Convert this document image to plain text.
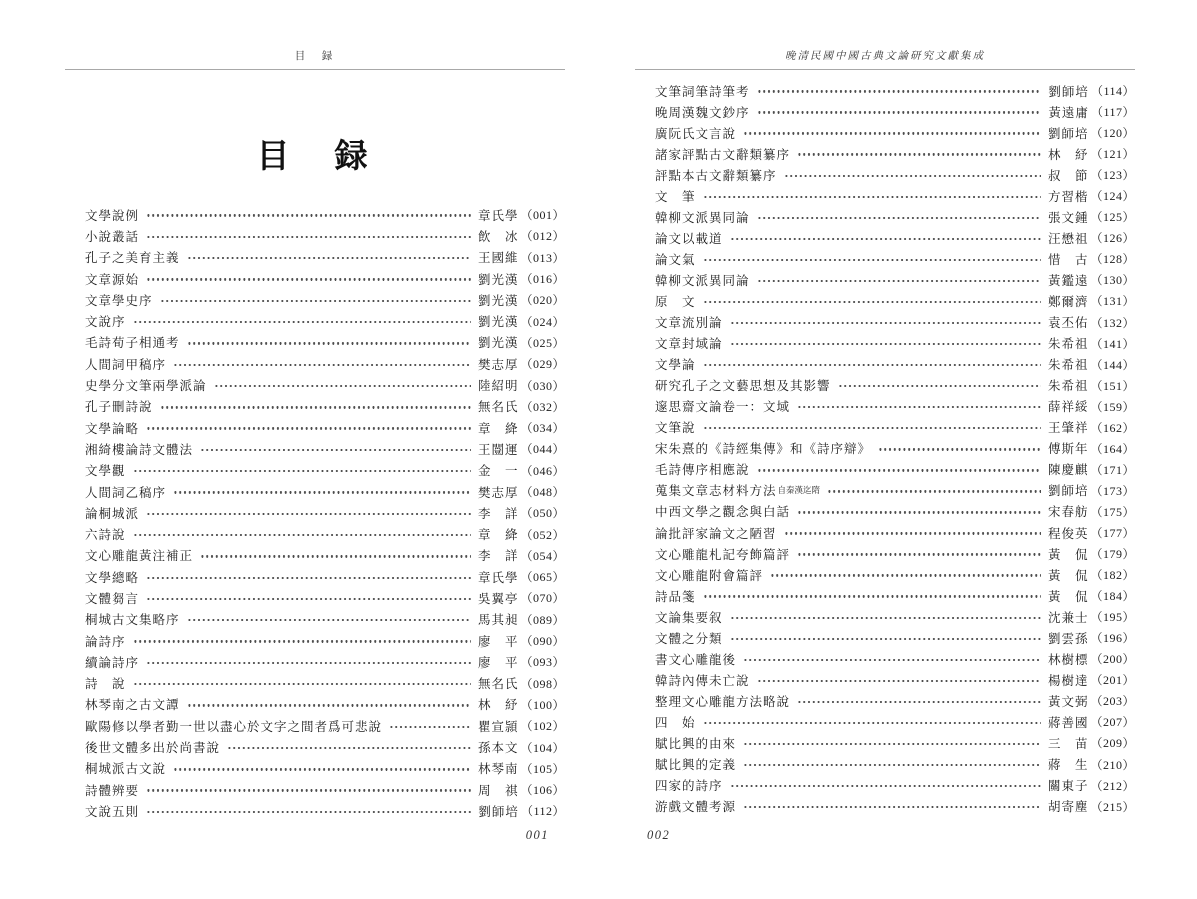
目　録
目　録
文學說例	章氏學 （001）
小說叢話	飲　冰 （012）
孔子之美育主義	王國維 （013）
文章源始	劉光漢 （016）
文章學史序	劉光漢 （020）
文說序	劉光漢 （024）
毛詩荀子相通考	劉光漢 （025）
人間詞甲稿序	樊志厚 （029）
史學分文筆兩學派論	陸紹明 （030）
孔子刪詩說	無名氏 （032）
文學論略	章　絳 （034）
湘綺樓論詩文體法	王闓運 （044）
文學觀	金　一 （046）
人間詞乙稿序	樊志厚 （048）
論桐城派	李　詳 （050）
六詩說	章　絳 （052）
文心雕龍黃注補正	李　詳 （054）
文學總略	章氏學 （065）
文體芻言	吳翼亭 （070）
桐城古文集略序	馬其昶 （089）
論詩序	廖　平 （090）
續論詩序	廖　平 （093）
詩　說	無名氏 （098）
林琴南之古文譚	林　紓 （100）
歐陽修以學者勤一世以盡心於文字之間者爲可悲說	瞿宣頴 （102）
後世文體多出於尚書說	孫本文 （104）
桐城派古文說	林琴南 （105）
詩體辨要	周　祺 （106）
文說五則	劉師培 （112）
001
晚清民國中國古典文論研究文獻集成
文筆詞筆詩筆考	劉師培 （114）
晚周漢魏文鈔序	黃遠庸 （117）
廣阮氏文言說	劉師培 （120）
諸家評點古文辭類纂序	林　紓 （121）
評點本古文辭類纂序	叔　節 （123）
文　筆	方習楷 （124）
韓柳文派異同論	張文鍾 （125）
論文以載道	汪懋祖 （126）
論文氣	惜　古 （128）
韓柳文派異同論	黃鑑遠 （130）
原　文	鄭爾濟 （131）
文章流別論	袁丕佑 （132）
文章封域論	朱希祖 （141）
文學論	朱希祖 （144）
研究孔子之文藝思想及其影響	朱希祖 （151）
邃思齋文論卷一：文域	薛祥綏 （159）
文筆說	王肇祥 （162）
宋朱熹的《詩經集傳》和《詩序辯》	傅斯年 （164）
毛詩傳序相應說	陳慶麒 （171）
蒐集文章志材料方法 自秦漢迄隋	劉師培 （173）
中西文學之觀念與白話	宋春舫 （175）
論批評家論文之陋習	程俊英 （177）
文心雕龍札記夸飾篇評	黃　侃 （179）
文心雕龍附會篇評	黃　侃 （182）
詩品箋	黃　侃 （184）
文論集要叙	沈兼士 （195）
文體之分類	劉雲孫 （196）
書文心雕龍後	林樹標 （200）
韓詩內傳未亡說	楊樹達 （201）
整理文心雕龍方法略說	黃文弼 （203）
四　始	蔣善國 （207）
賦比興的由來	三　苗 （209）
賦比興的定義	蔣　生 （210）
四家的詩序	關東子 （212）
游戲文體考源	胡寄塵 （215）
002
